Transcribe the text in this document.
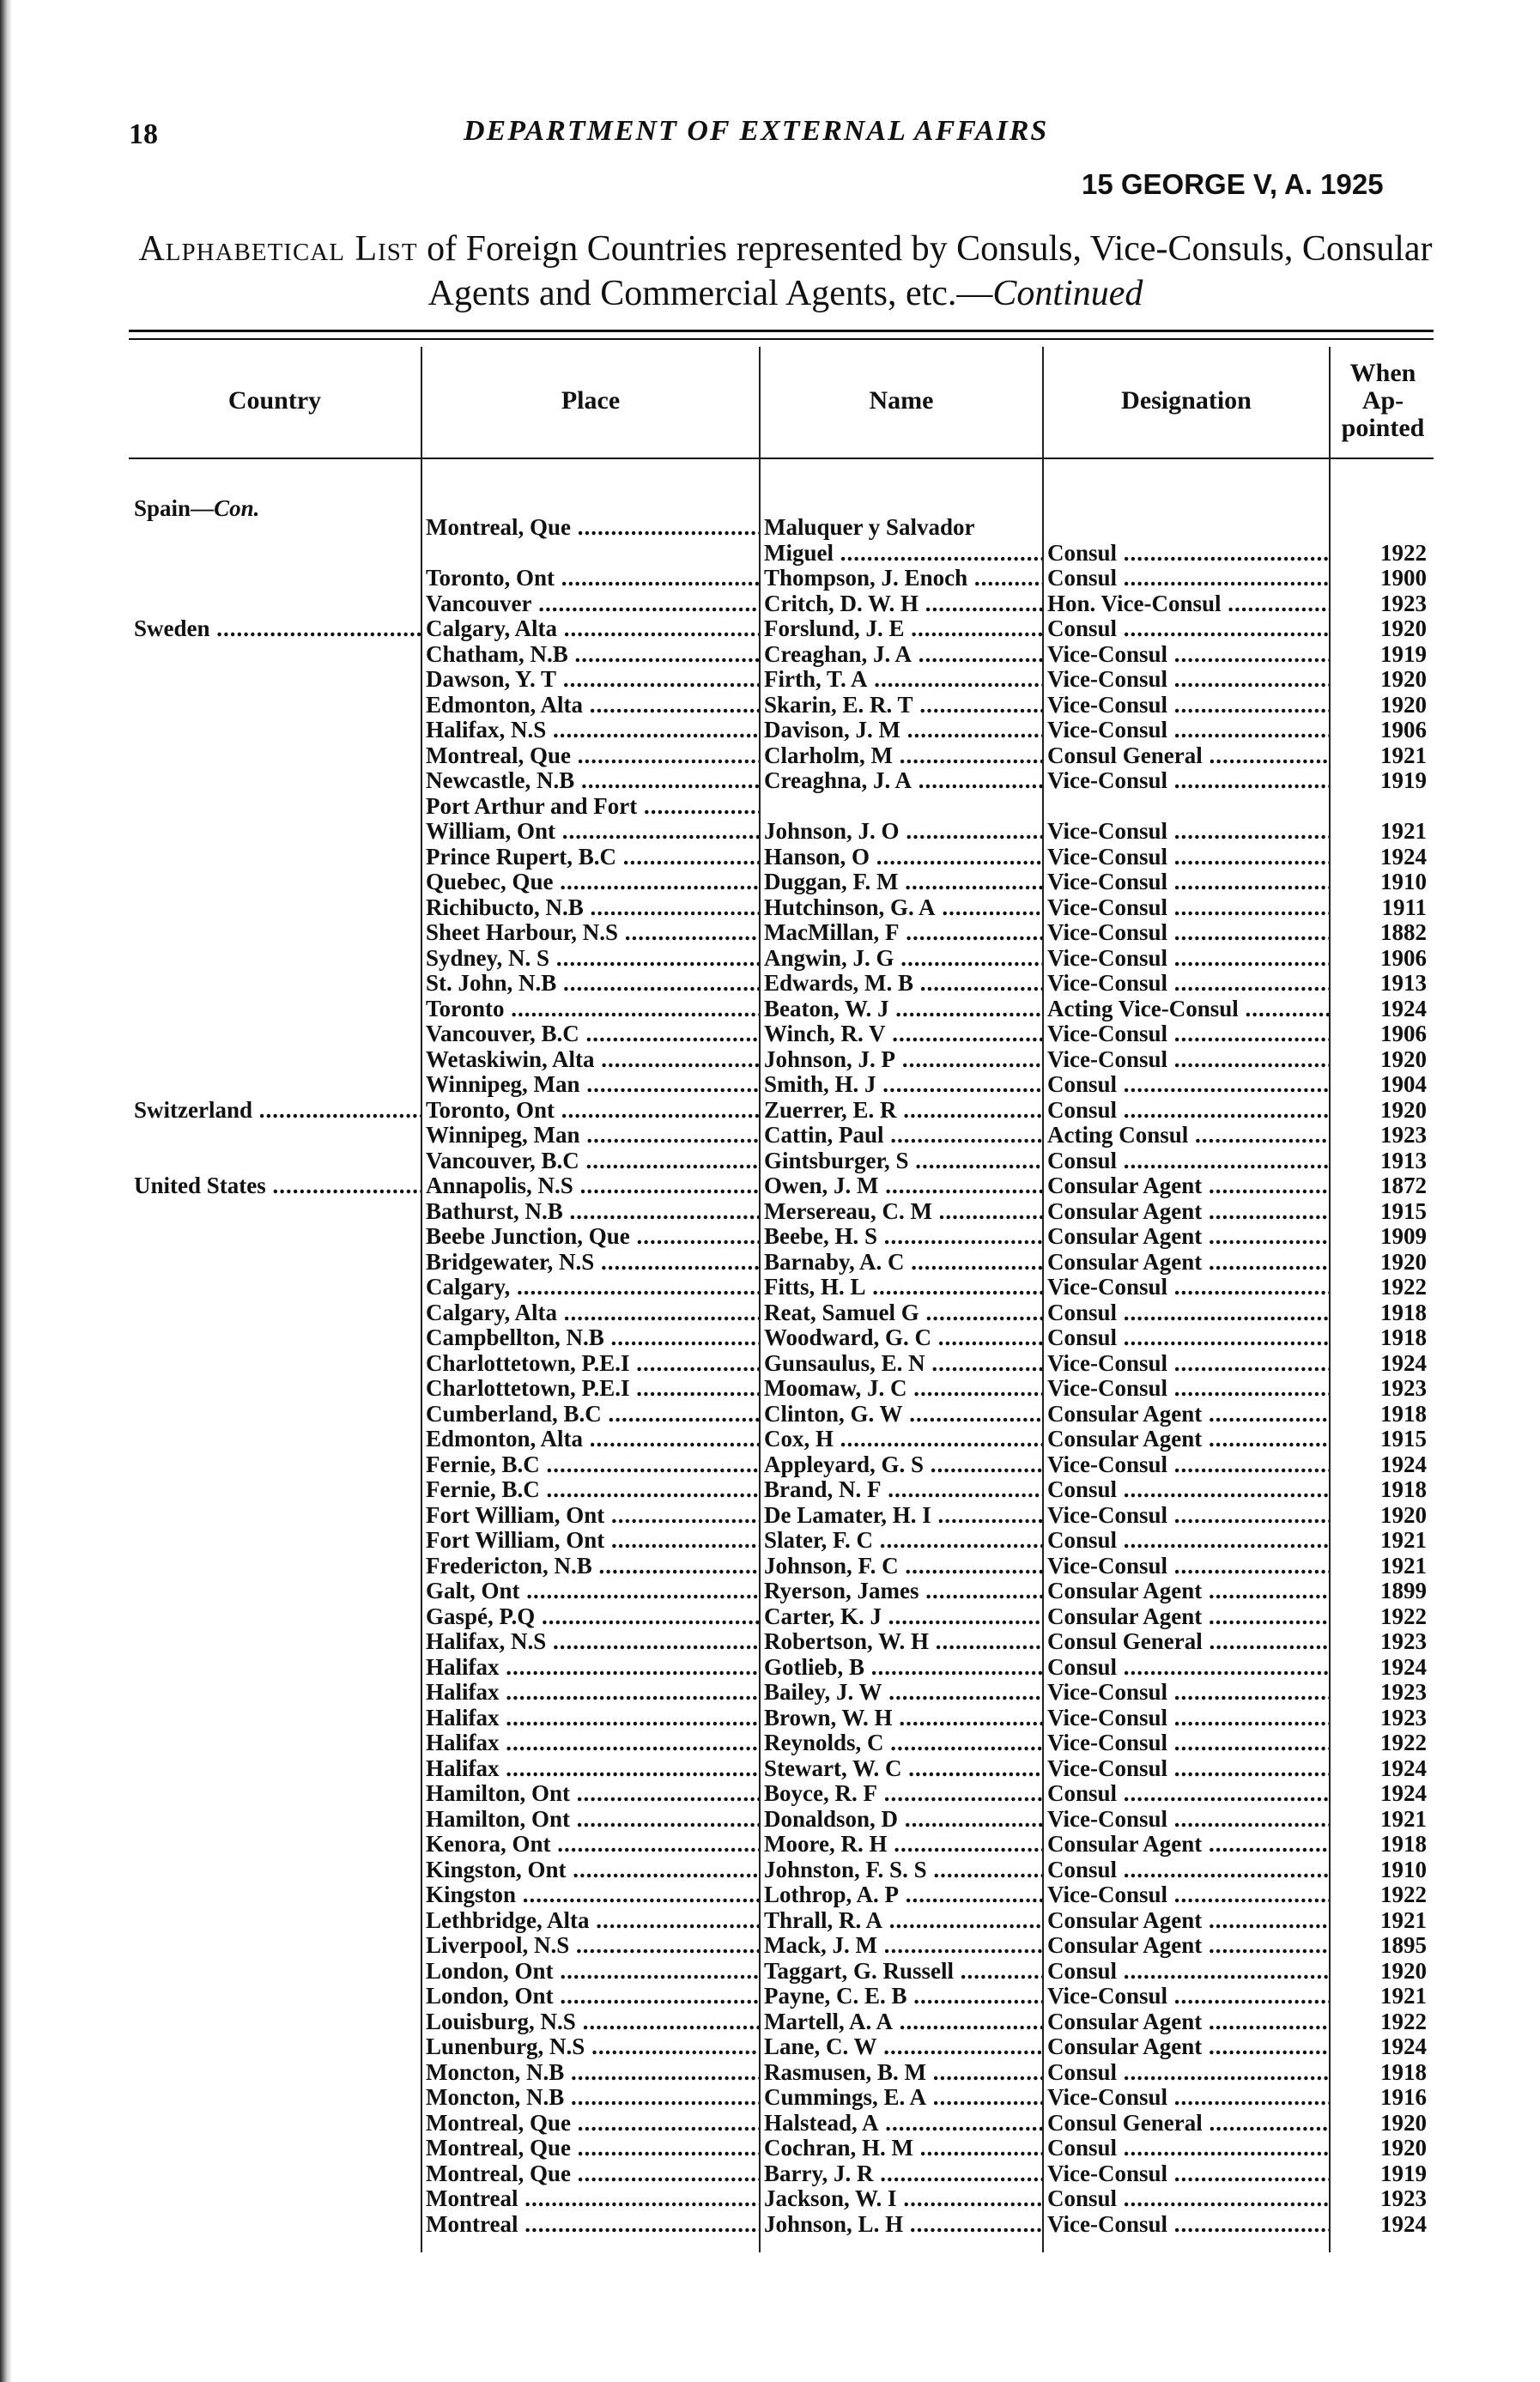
18	DEPARTMENT OF EXTERNAL AFFAIRS
15 GEORGE V, A. 1925
Alphabetical List of Foreign Countries represented by Consuls, Vice-Consuls, Consular Agents and Commercial Agents, etc.—Continued
Country	Place	Name	Designation
When Ap- pointed
Spain—Con.
	Montreal, Que .....	Maluquer y Salvador		
		Miguel .....	Consul .....	1922
	Toronto, Ont .....	Thompson, J. Enoch .....	Consul .....	1900
	Vancouver .....	Critch, D. W. H .....	Hon. Vice-Consul .....	1923
Sweden .....	Calgary, Alta .....	Forslund, J. E .....	Consul .....	1920
	Chatham, N.B .....	Creaghan, J. A .....	Vice-Consul .....	1919
	Dawson, Y. T .....	Firth, T. A .....	Vice-Consul .....	1920
	Edmonton, Alta .....	Skarin, E. R. T .....	Vice-Consul .....	1920
	Halifax, N.S .....	Davison, J. M .....	Vice-Consul .....	1906
	Montreal, Que .....	Clarholm, M .....	Consul General .....	1921
	Newcastle, N.B .....	Creaghna, J. A .....	Vice-Consul .....	1919
	Port Arthur and Fort .....			
	William, Ont .....	Johnson, J. O .....	Vice-Consul .....	1921
	Prince Rupert, B.C .....	Hanson, O .....	Vice-Consul .....	1924
	Quebec, Que .....	Duggan, F. M .....	Vice-Consul .....	1910
	Richibucto, N.B .....	Hutchinson, G. A .....	Vice-Consul .....	1911
	Sheet Harbour, N.S .....	MacMillan, F .....	Vice-Consul .....	1882
	Sydney, N. S .....	Angwin, J. G .....	Vice-Consul .....	1906
	St. John, N.B .....	Edwards, M. B .....	Vice-Consul .....	1913
	Toronto .....	Beaton, W. J .....	Acting Vice-Consul .....	1924
	Vancouver, B.C .....	Winch, R. V .....	Vice-Consul .....	1906
	Wetaskiwin, Alta .....	Johnson, J. P .....	Vice-Consul .....	1920
	Winnipeg, Man .....	Smith, H. J .....	Consul .....	1904
Switzerland .....	Toronto, Ont .....	Zuerrer, E. R .....	Consul .....	1920
	Winnipeg, Man .....	Cattin, Paul .....	Acting Consul .....	1923
	Vancouver, B.C .....	Gintsburger, S .....	Consul .....	1913
United States .....	Annapolis, N.S .....	Owen, J. M .....	Consular Agent .....	1872
	Bathurst, N.B .....	Mersereau, C. M .....	Consular Agent .....	1915
	Beebe Junction, Que .....	Beebe, H. S .....	Consular Agent .....	1909
	Bridgewater, N.S .....	Barnaby, A. C .....	Consular Agent .....	1920
	Calgary, .....	Fitts, H. L .....	Vice-Consul .....	1922
	Calgary, Alta .....	Reat, Samuel G .....	Consul .....	1918
	Campbellton, N.B .....	Woodward, G. C .....	Consul .....	1918
	Charlottetown, P.E.I .....	Gunsaulus, E. N .....	Vice-Consul .....	1924
	Charlottetown, P.E.I .....	Moomaw, J. C .....	Vice-Consul .....	1923
	Cumberland, B.C .....	Clinton, G. W .....	Consular Agent .....	1918
	Edmonton, Alta .....	Cox, H .....	Consular Agent .....	1915
	Fernie, B.C .....	Appleyard, G. S .....	Vice-Consul .....	1924
	Fernie, B.C .....	Brand, N. F .....	Consul .....	1918
	Fort William, Ont .....	De Lamater, H. I .....	Vice-Consul .....	1920
	Fort William, Ont .....	Slater, F. C .....	Consul .....	1921
	Fredericton, N.B .....	Johnson, F. C .....	Vice-Consul .....	1921
	Galt, Ont .....	Ryerson, James .....	Consular Agent .....	1899
	Gaspé, P.Q .....	Carter, K. J .....	Consular Agent .....	1922
	Halifax, N.S .....	Robertson, W. H .....	Consul General .....	1923
	Halifax .....	Gotlieb, B .....	Consul .....	1924
	Halifax .....	Bailey, J. W .....	Vice-Consul .....	1923
	Halifax .....	Brown, W. H .....	Vice-Consul .....	1923
	Halifax .....	Reynolds, C .....	Vice-Consul .....	1922
	Halifax .....	Stewart, W. C .....	Vice-Consul .....	1924
	Hamilton, Ont .....	Boyce, R. F .....	Consul .....	1924
	Hamilton, Ont .....	Donaldson, D .....	Vice-Consul .....	1921
	Kenora, Ont .....	Moore, R. H .....	Consular Agent .....	1918
	Kingston, Ont .....	Johnston, F. S. S .....	Consul .....	1910
	Kingston .....	Lothrop, A. P .....	Vice-Consul .....	1922
	Lethbridge, Alta .....	Thrall, R. A .....	Consular Agent .....	1921
	Liverpool, N.S .....	Mack, J. M .....	Consular Agent .....	1895
	London, Ont .....	Taggart, G. Russell .....	Consul .....	1920
	London, Ont .....	Payne, C. E. B .....	Vice-Consul .....	1921
	Louisburg, N.S .....	Martell, A. A .....	Consular Agent .....	1922
	Lunenburg, N.S .....	Lane, C. W .....	Consular Agent .....	1924
	Moncton, N.B .....	Rasmusen, B. M .....	Consul .....	1918
	Moncton, N.B .....	Cummings, E. A .....	Vice-Consul .....	1916
	Montreal, Que .....	Halstead, A .....	Consul General .....	1920
	Montreal, Que .....	Cochran, H. M .....	Consul .....	1920
	Montreal, Que .....	Barry, J. R .....	Vice-Consul .....	1919
	Montreal .....	Jackson, W. I .....	Consul .....	1923
	Montreal .....	Johnson, L. H .....	Vice-Consul .....	1924
